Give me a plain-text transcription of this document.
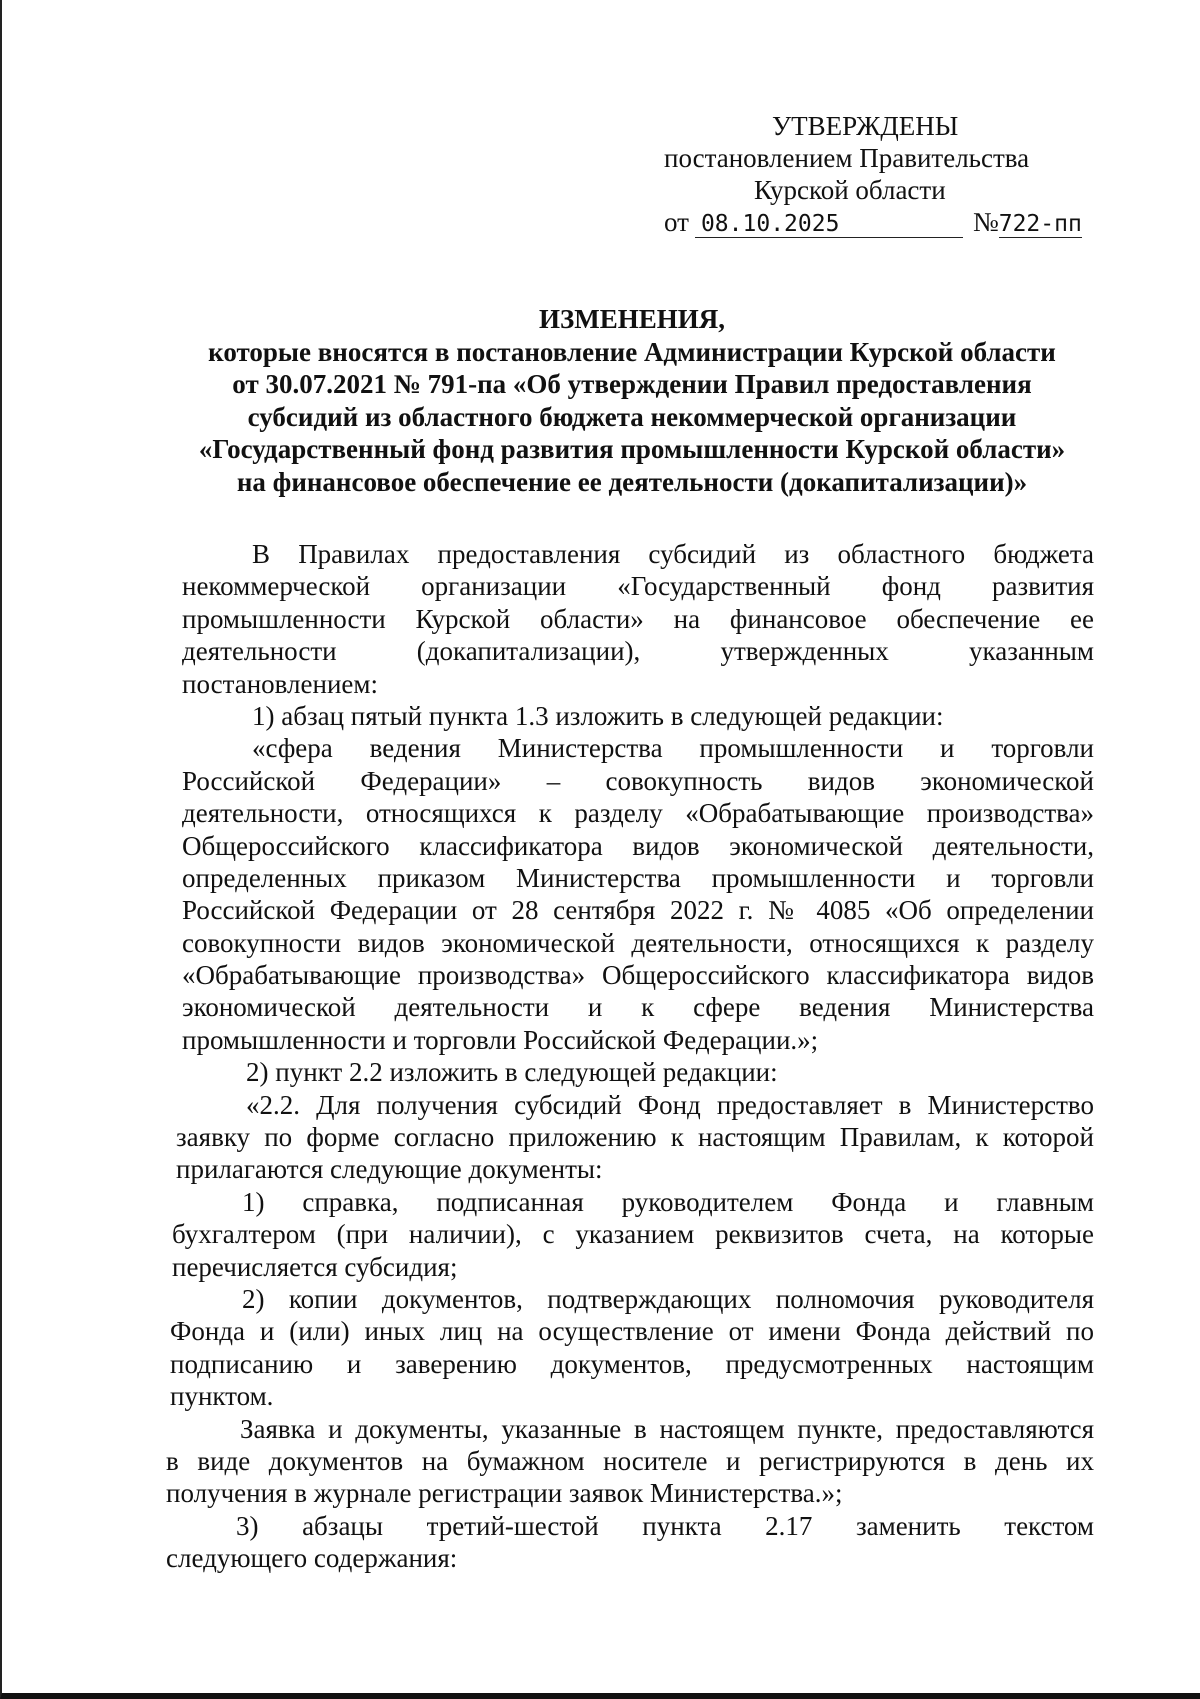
УТВЕРЖДЕНЫ
постановлением Правительства
Курской области
от 08.10.2025	№ 722-пп
ИЗМЕНЕНИЯ,
которые вносятся в постановление Администрации Курской области
от 30.07.2021 № 791-па «Об утверждении Правил предоставления
субсидий из областного бюджета некоммерческой организации
«Государственный фонд развития промышленности Курской области»
на финансовое обеспечение ее деятельности (докапитализации)»
В Правилах предоставления субсидий из областного бюджета
некоммерческой организации «Государственный фонд развития
промышленности Курской области» на финансовое обеспечение ее
деятельности (докапитализации), утвержденных указанным
постановлением:
1) абзац пятый пункта 1.3 изложить в следующей редакции:
«сфера ведения Министерства промышленности и торговли
Российской Федерации» – совокупность видов экономической
деятельности, относящихся к разделу «Обрабатывающие производства»
Общероссийского классификатора видов экономической деятельности,
определенных приказом Министерства промышленности и торговли
Российской Федерации от 28 сентября 2022 г. № 4085 «Об определении
совокупности видов экономической деятельности, относящихся к разделу
«Обрабатывающие производства» Общероссийского классификатора видов
экономической деятельности и к сфере ведения Министерства
промышленности и торговли Российской Федерации.»;
2) пункт 2.2 изложить в следующей редакции:
«2.2. Для получения субсидий Фонд предоставляет в Министерство
заявку по форме согласно приложению к настоящим Правилам, к которой
прилагаются следующие документы:
1) справка, подписанная руководителем Фонда и главным
бухгалтером (при наличии), с указанием реквизитов счета, на которые
перечисляется субсидия;
2) копии документов, подтверждающих полномочия руководителя
Фонда и (или) иных лиц на осуществление от имени Фонда действий по
подписанию и заверению документов, предусмотренных настоящим
пунктом.
Заявка и документы, указанные в настоящем пункте, предоставляются
в виде документов на бумажном носителе и регистрируются в день их
получения в журнале регистрации заявок Министерства.»;
3) абзацы третий-шестой пункта 2.17 заменить текстом
следующего содержания:
